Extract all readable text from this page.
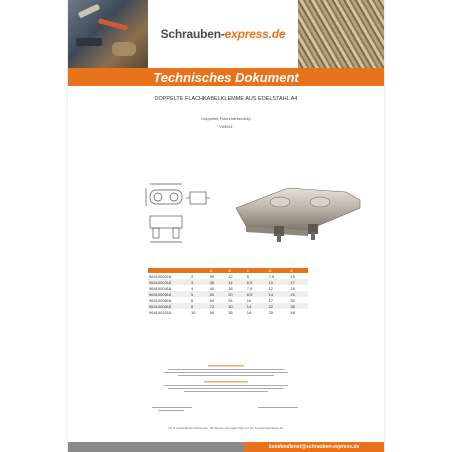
Schrauben-express.de
Technisches Dokument
DOPPELTE FLACHKABELKLEMME AUS EDELSTAHL A4
Doppelter Flachdrahtseilclip
V59641
		A	B	C	D	E
9641000218	2	30	12	5	7,5	15
9641000318	3	36	14	6,5	10	17
9641000418	4	40	18	7,5	12	19
9641000518	5	50	20	8,5	14	25
9641000618	6	60	24	10	17	30
9641000818	8	72	30	14	22	38
9641001018	10	90	35	16	25	48
Nicht verbindliches Dokument, die Menge auf Lager folgt nur der Kundennachfrage ab.
kundendienst@schrauben-express.de
